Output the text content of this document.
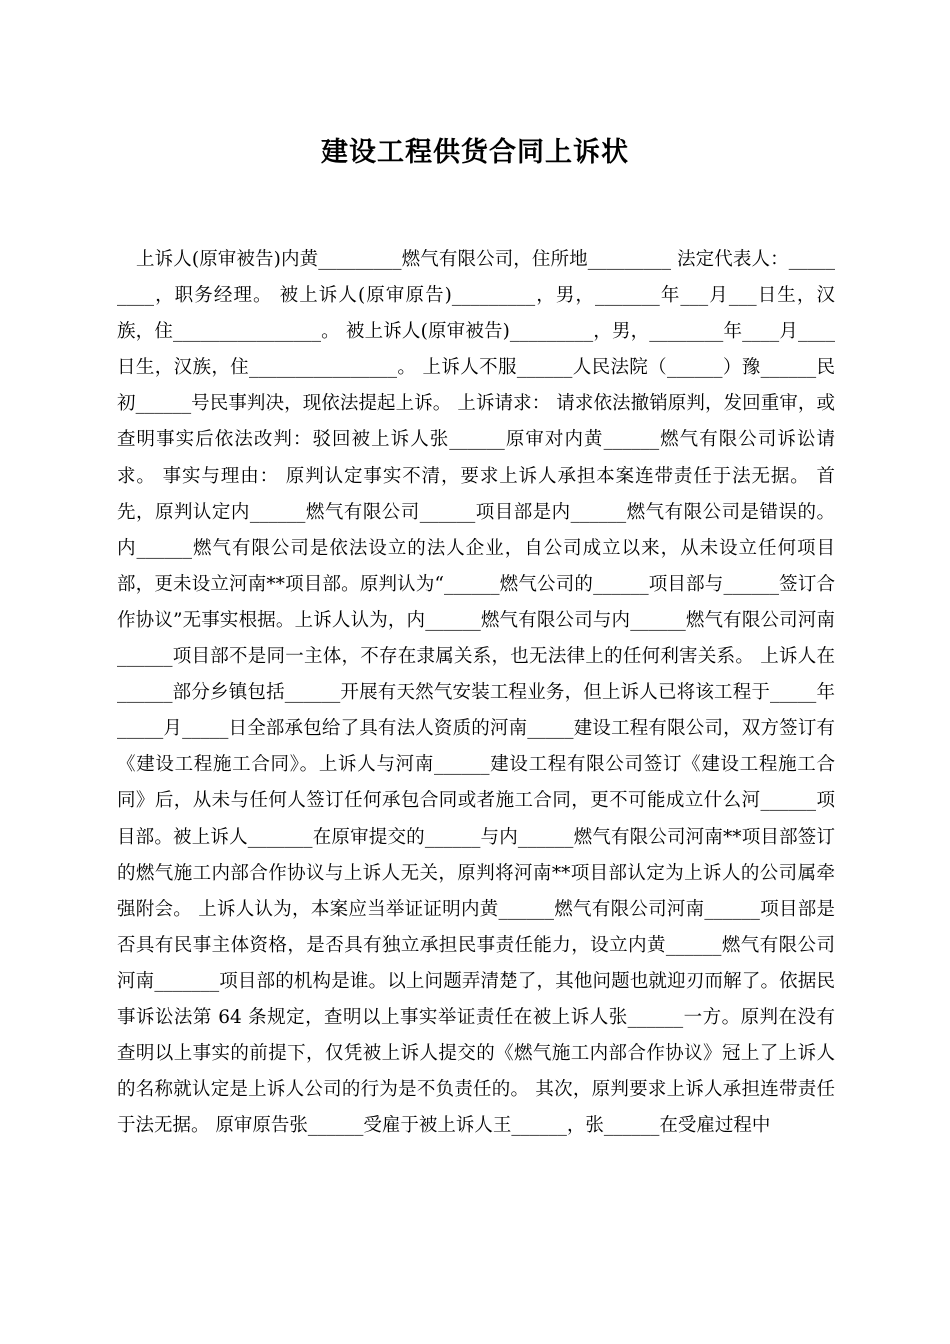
建设工程供货合同上诉状

上诉人(原审被告)内黄_________燃气有限公司，住所地_________ 法定代表人：_________，职务经理。 被上诉人(原审原告)_________，男，_______年___月___日生，汉族，住________________。 被上诉人(原审被告)_________，男，________年____月____日生，汉族，住________________。 上诉人不服______人民法院（______）豫______民初______号民事判决，现依法提起上诉。 上诉请求： 请求依法撤销原判，发回重审，或查明事实后依法改判：驳回被上诉人张______原审对内黄______燃气有限公司诉讼请求。 事实与理由： 原判认定事实不清，要求上诉人承担本案连带责任于法无据。 首先，原判认定内______燃气有限公司______项目部是内______燃气有限公司是错误的。 内______燃气有限公司是依法设立的法人企业，自公司成立以来，从未设立任何项目部，更未设立河南**项目部。原判认为“______燃气公司的______项目部与______签订合作协议”无事实根据。上诉人认为，内______燃气有限公司与内______燃气有限公司河南______项目部不是同一主体，不存在隶属关系，也无法律上的任何利害关系。 上诉人在______部分乡镇包括______开展有天然气安装工程业务，但上诉人已将该工程于_____年_____月_____日全部承包给了具有法人资质的河南_____建设工程有限公司，双方签订有《建设工程施工合同》。上诉人与河南______建设工程有限公司签订《建设工程施工合同》后，从未与任何人签订任何承包合同或者施工合同，更不可能成立什么河______项目部。被上诉人_______在原审提交的______与内______燃气有限公司河南**项目部签订的燃气施工内部合作协议与上诉人无关，原判将河南**项目部认定为上诉人的公司属牵强附会。 上诉人认为，本案应当举证证明内黄______燃气有限公司河南______项目部是否具有民事主体资格，是否具有独立承担民事责任能力，设立内黄______燃气有限公司河南_______项目部的机构是谁。以上问题弄清楚了，其他问题也就迎刃而解了。依据民事诉讼法第 64 条规定，查明以上事实举证责任在被上诉人张______一方。原判在没有查明以上事实的前提下，仅凭被上诉人提交的《燃气施工内部合作协议》冠上了上诉人的名称就认定是上诉人公司的行为是不负责任的。 其次，原判要求上诉人承担连带责任于法无据。 原审原告张______受雇于被上诉人王______，张______在受雇过程中
